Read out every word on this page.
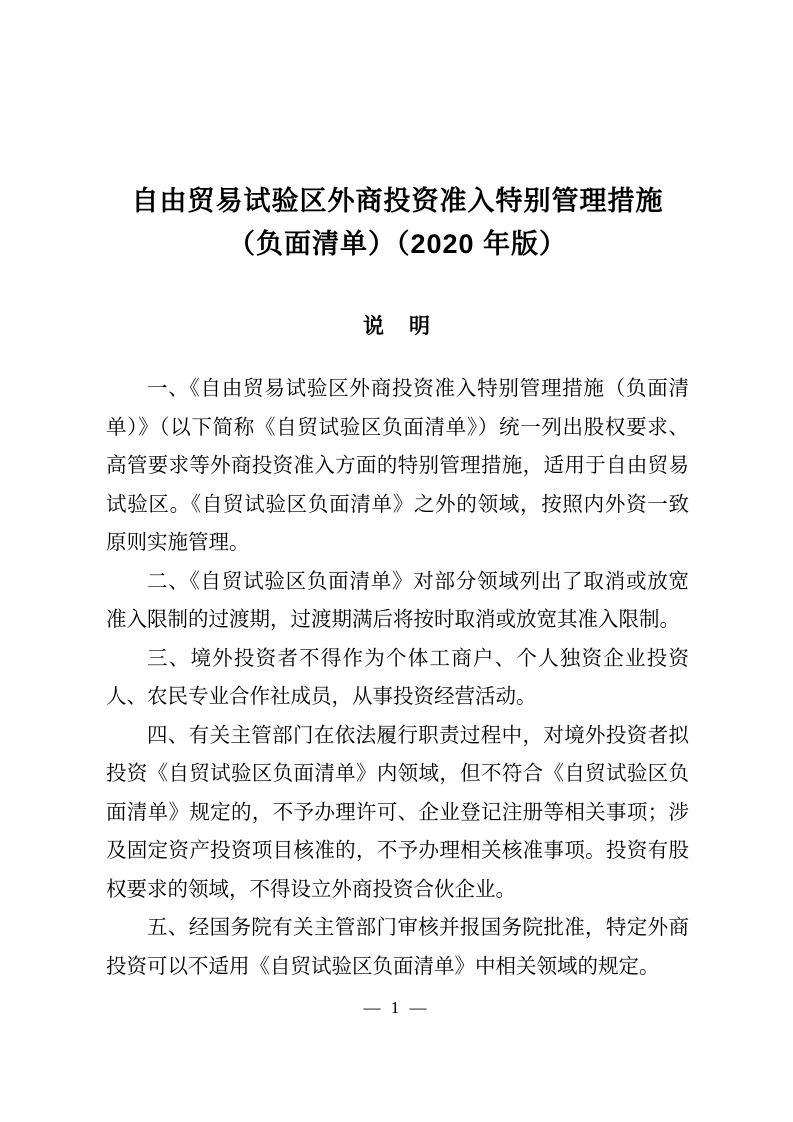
自由贸易试验区外商投资准入特别管理措施
（负面清单）（2020 年版）
说　明

一、《自由贸易试验区外商投资准入特别管理措施（负面清单）》（以下简称《自贸试验区负面清单》）统一列出股权要求、高管要求等外商投资准入方面的特别管理措施，适用于自由贸易试验区。《自贸试验区负面清单》之外的领域，按照内外资一致原则实施管理。

二、《自贸试验区负面清单》对部分领域列出了取消或放宽准入限制的过渡期，过渡期满后将按时取消或放宽其准入限制。

三、境外投资者不得作为个体工商户、个人独资企业投资人、农民专业合作社成员，从事投资经营活动。

四、有关主管部门在依法履行职责过程中，对境外投资者拟投资《自贸试验区负面清单》内领域，但不符合《自贸试验区负面清单》规定的，不予办理许可、企业登记注册等相关事项；涉及固定资产投资项目核准的，不予办理相关核准事项。投资有股权要求的领域，不得设立外商投资合伙企业。

五、经国务院有关主管部门审核并报国务院批准，特定外商投资可以不适用《自贸试验区负面清单》中相关领域的规定。

— 1 —
